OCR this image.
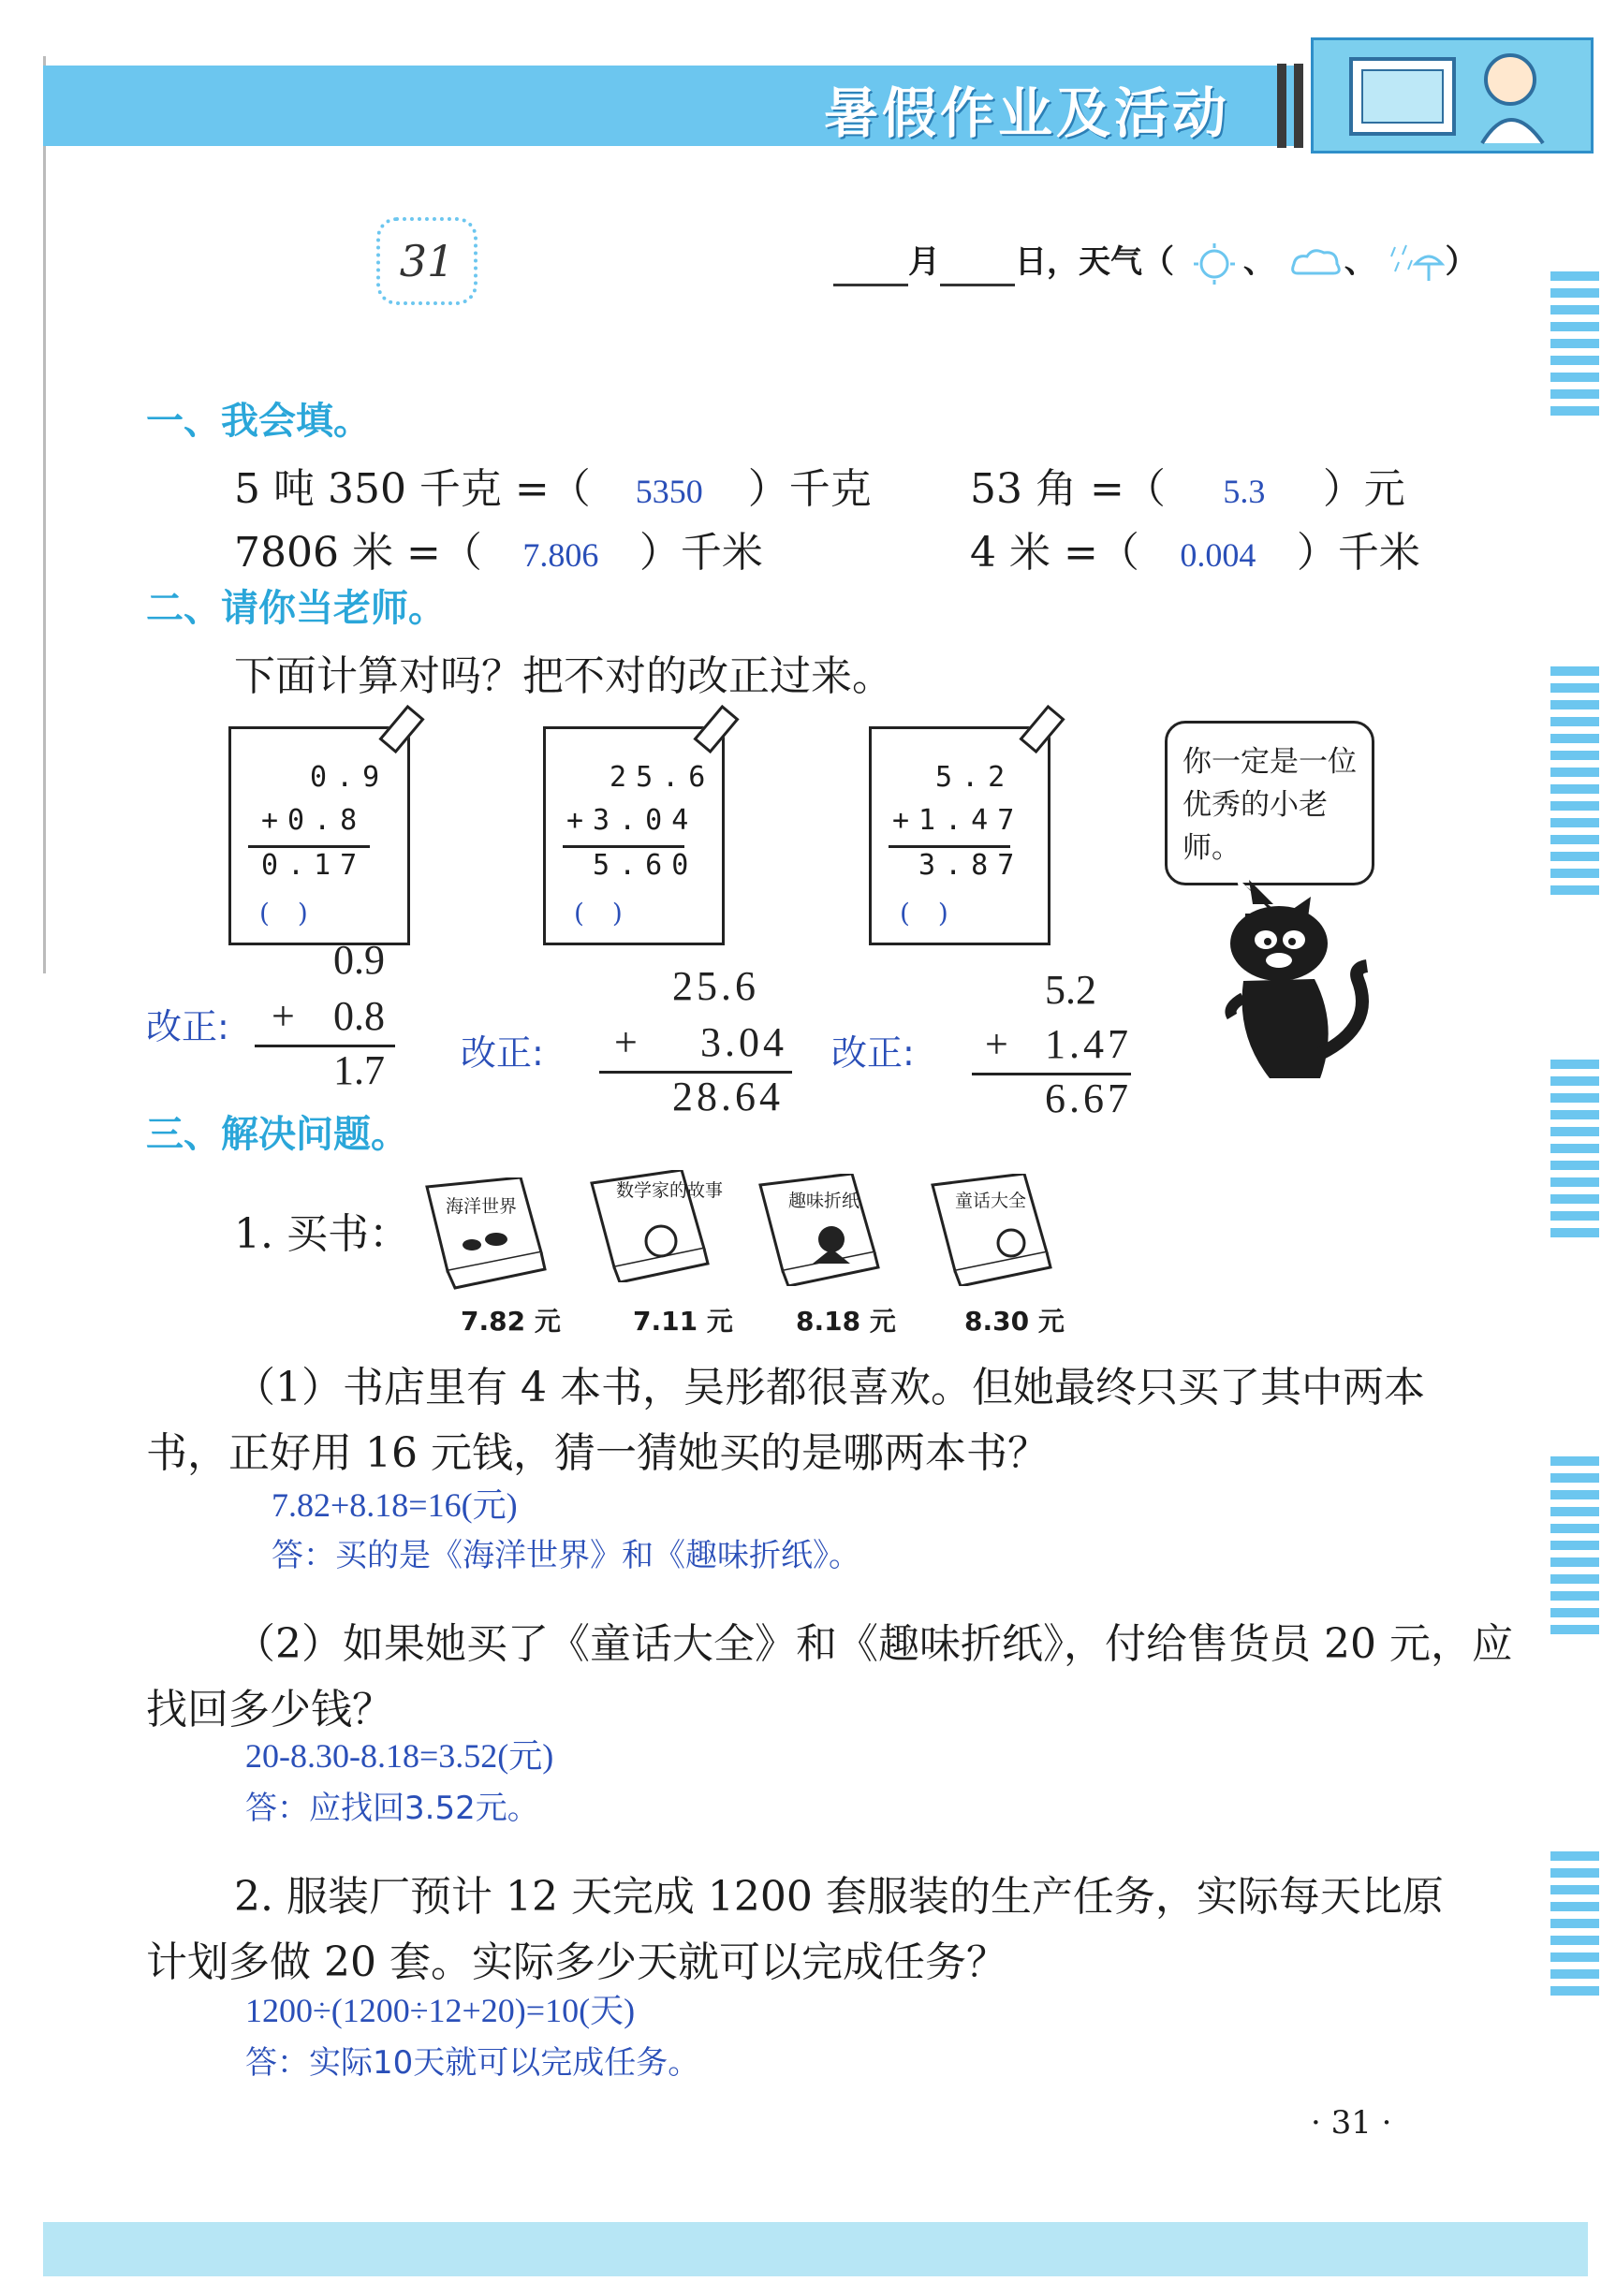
暑假作业及活动
31	月 日，天气（ 、 、 ）
一、我会填。
5 吨 350 千克 =（ 5350 ）千克 53 角 =（ 5.3 ）元
7806 米 =（ 7.806 ）千米	4 米 =（ 0.004 ）千米
二、请你当老师。
下面计算对吗？把不对的改正过来。
0.9
+0.8
0.17
()
25.6
+3.04
5.60
()
5.2
+1.47
3.87
()
你一定是一位优秀的小老师。
改正:
0.9
+ 0.8
1.7 改正:
25.6
+ 3.04
28.64
改正:
5.2
+ 1.47
6.67
三、解决问题。
1. 买书：
海洋世界
7.82 元
数学家的故事
7.11 元
趣味折纸
8.18 元
童话大全
8.30 元
（1）书店里有 4 本书，吴彤都很喜欢。但她最终只买了其中两本
书，正好用 16 元钱，猜一猜她买的是哪两本书？
7.82+8.18=16(元)
答：买的是《海洋世界》和《趣味折纸》。
（2）如果她买了《童话大全》和《趣味折纸》，付给售货员 20 元，应
找回多少钱？
20-8.30-8.18=3.52(元)
答：应找回3.52元。
2. 服装厂预计 12 天完成 1200 套服装的生产任务，实际每天比原
计划多做 20 套。实际多少天就可以完成任务？
1200÷(1200÷12+20)=10(天)
答：实际10天就可以完成任务。
· 31 ·
